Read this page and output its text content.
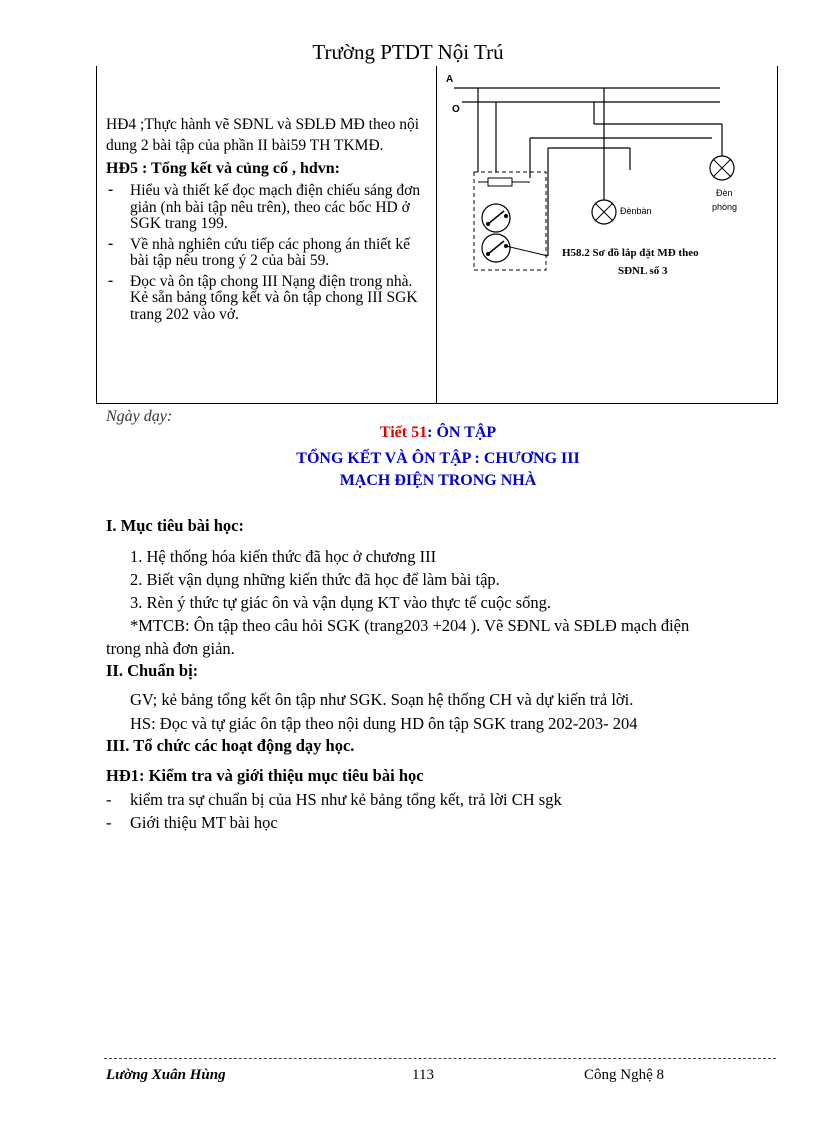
Trường PTDT Nội Trú

HĐ4 ;Thực hành vẽ SĐNL và SĐLĐ MĐ theo nội dung 2 bài tập của phần II bài59 TH TKMĐ.

HĐ5 : Tổng kết và củng cố , hdvn:

- Hiểu và thiết kế đọc mạch điện chiếu sáng đơn giản (nh bài tập nêu trên), theo các bốc HD ở SGK trang 199.
- Về nhà nghiên cứu tiếp các phong án thiết kế bài tập nêu trong ý 2 của bài 59.
- Đọc và ôn tập chong III Nạng điện trong nhà. Kẻ sẵn bảng tổng kết và ôn tập chong III SGK trang 202 vào vở.
A
O
Đènbàn
Đèn
phòng
H58.2 Sơ đồ lắp đặt MĐ theo
SĐNL số 3
Ngày dạy:
Tiết 51: ÔN TẬP
TỔNG KẾT VÀ ÔN TẬP : CHƯƠNG III
MẠCH ĐIỆN TRONG NHÀ
I. Mục tiêu bài học:
1. Hệ thống hóa kiến thức đã học ở chương III
2. Biết vận dụng những kiến thức đã học để làm bài tập.
3. Rèn ý thức tự giác ôn và vận dụng KT vào thực tế cuộc sống.
*MTCB: Ôn tập theo câu hỏi SGK (trang203 +204 ). Vẽ SĐNL và SĐLĐ mạch điện
trong nhà đơn giản.
II. Chuẩn bị:
GV; kẻ bảng tổng kết ôn tập như SGK. Soạn hệ thống CH và dự kiến trả lời.
HS: Đọc và tự giác ôn tập theo nội dung HD ôn tập SGK trang 202-203- 204
III. Tổ chức các hoạt động dạy học.
HĐ1: Kiểm tra và giới thiệu mục tiêu bài học
- kiểm tra sự chuẩn bị của HS như kẻ bảng tổng kết, trả lời CH sgk
- Giới thiệu MT bài học
Lường Xuân Hùng	113	Công Nghệ 8
